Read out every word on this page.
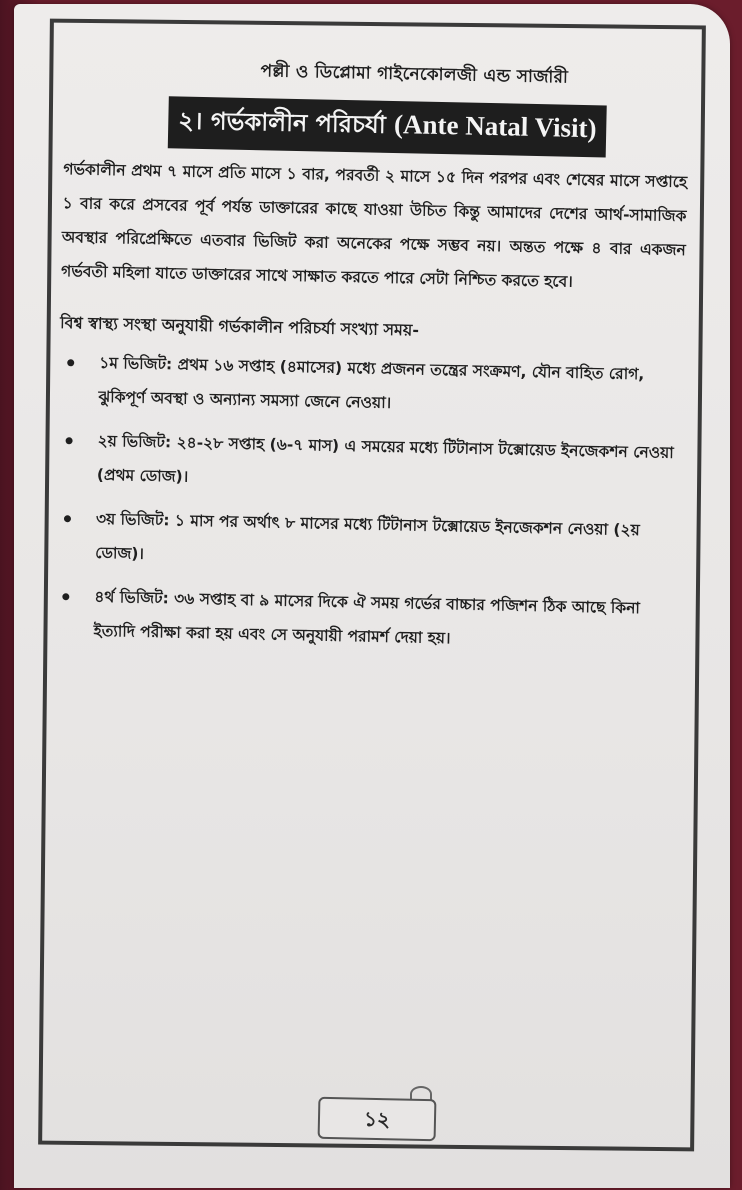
পল্লী ও ডিপ্লোমা গাইনেকোলজী এন্ড সার্জারী
২। গর্ভকালীন পরিচর্যা (Ante Natal Visit)

গর্ভকালীন প্রথম ৭ মাসে প্রতি মাসে ১ বার, পরবর্তী ২ মাসে ১৫ দিন পরপর এবং শেষের মাসে সপ্তাহে ১ বার করে প্রসবের পূর্ব পর্যন্ত ডাক্তারের কাছে যাওয়া উচিত কিন্তু আমাদের দেশের আর্থ-সামাজিক অবস্থার পরিপ্রেক্ষিতে এতবার ভিজিট করা অনেকের পক্ষে সম্ভব নয়। অন্তত পক্ষে ৪ বার একজন গর্ভবতী মহিলা যাতে ডাক্তারের সাথে সাক্ষাত করতে পারে সেটা নিশ্চিত করতে হবে।

বিশ্ব স্বাস্থ্য সংস্থা অনুযায়ী গর্ভকালীন পরিচর্যা সংখ্যা সময়-
১ম ভিজিট: প্রথম ১৬ সপ্তাহ (৪মাসের) মধ্যে প্রজনন তন্ত্রের সংক্রমণ, যৌন বাহিত রোগ, ঝুকিপূর্ণ অবস্থা ও অন্যান্য সমস্যা জেনে নেওয়া।
২য় ভিজিট: ২৪-২৮ সপ্তাহ (৬-৭ মাস) এ সময়ের মধ্যে টিটানাস টক্সোয়েড ইনজেকশন নেওয়া (প্রথম ডোজ)।
৩য় ভিজিট: ১ মাস পর অর্থাৎ ৮ মাসের মধ্যে টিটানাস টক্সোয়েড ইনজেকশন নেওয়া (২য় ডোজ)।
৪র্থ ভিজিট: ৩৬ সপ্তাহ বা ৯ মাসের দিকে ঐ সময় গর্ভের বাচ্চার পজিশন ঠিক আছে কিনা ইত্যাদি পরীক্ষা করা হয় এবং সে অনুযায়ী পরামর্শ দেয়া হয়।
১২
